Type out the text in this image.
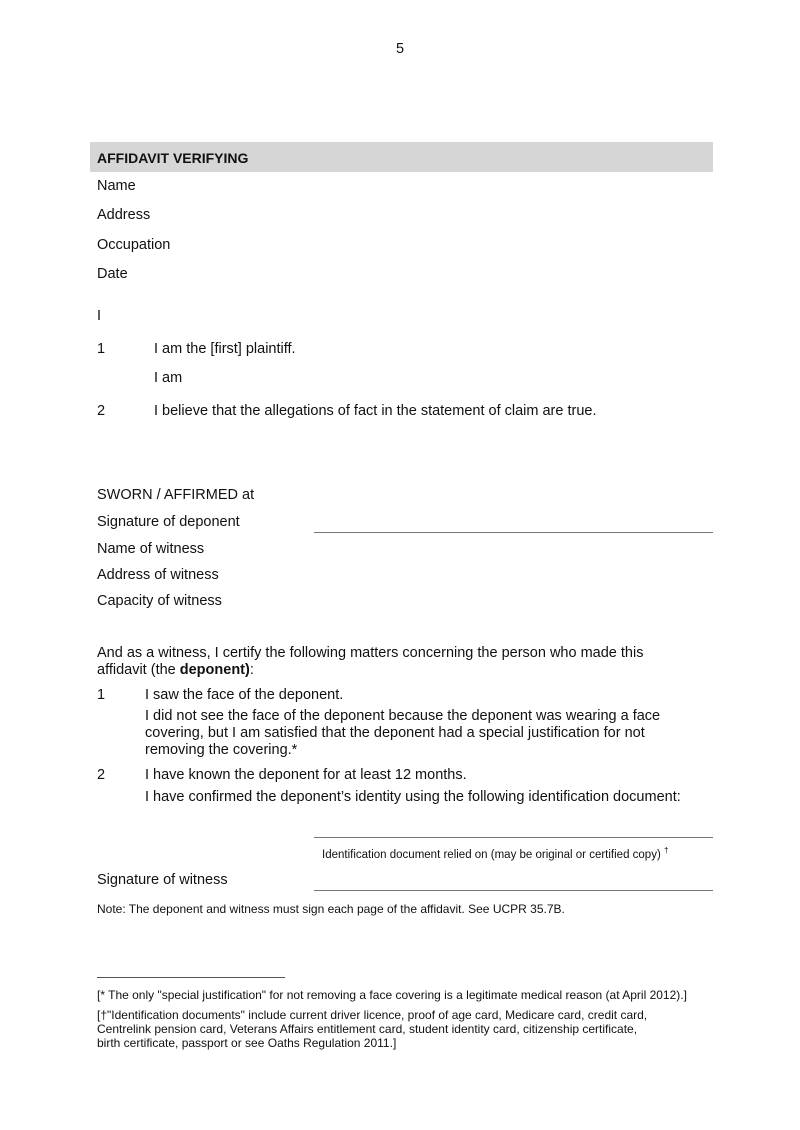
5
AFFIDAVIT VERIFYING
Name
Address
Occupation
Date
I
1	I am the [first] plaintiff.
I am
2	I believe that the allegations of fact in the statement of claim are true.
SWORN / AFFIRMED at
Signature of deponent
Name of witness
Address of witness
Capacity of witness
And as a witness, I certify the following matters concerning the person who made this affidavit (the deponent):
1	I saw the face of the deponent.
I did not see the face of the deponent because the deponent was wearing a face covering, but I am satisfied that the deponent had a special justification for not removing the covering.*
2	I have known the deponent for at least 12 months.
I have confirmed the deponent’s identity using the following identification document:
Identification document relied on (may be original or certified copy) †
Signature of witness
Note: The deponent and witness must sign each page of the affidavit. See UCPR 35.7B.
[* The only "special justification" for not removing a face covering is a legitimate medical reason (at April 2012).]
[†"Identification documents" include current driver licence, proof of age card, Medicare card, credit card, Centrelink pension card, Veterans Affairs entitlement card, student identity card, citizenship certificate, birth certificate, passport or see Oaths Regulation 2011.]
